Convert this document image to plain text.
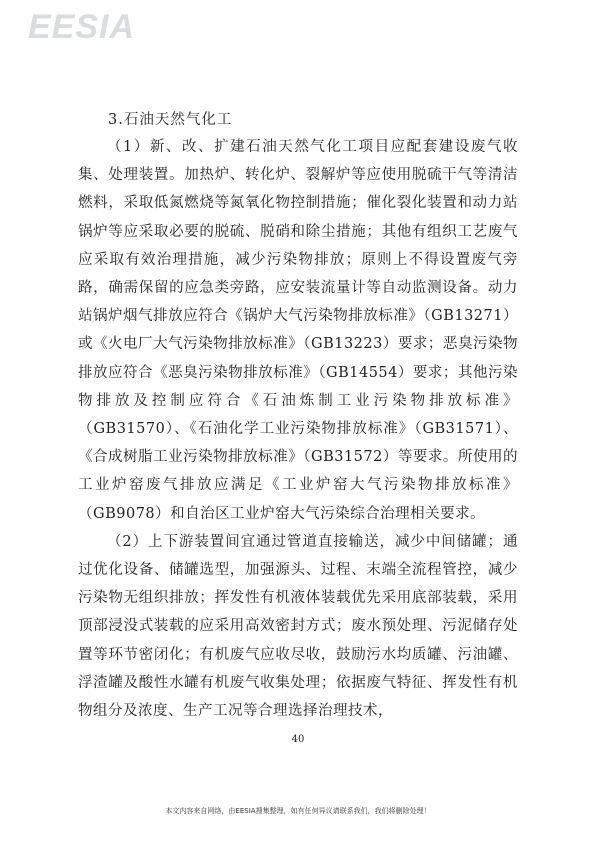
EESIA
3.石油天然气化工

（1）新、改、扩建石油天然气化工项目应配套建设废气收集、处理装置。加热炉、转化炉、裂解炉等应使用脱硫干气等清洁燃料，采取低氮燃烧等氮氧化物控制措施；催化裂化装置和动力站锅炉等应采取必要的脱硫、脱硝和除尘措施；其他有组织工艺废气应采取有效治理措施，减少污染物排放；原则上不得设置废气旁路，确需保留的应急类旁路，应安装流量计等自动监测设备。动力站锅炉烟气排放应符合《锅炉大气污染物排放标准》（GB13271）或《火电厂大气污染物排放标准》（GB13223）要求；恶臭污染物排放应符合《恶臭污染物排放标准》（GB14554）要求；其他污染物排放及控制应符合《石油炼制工业污染物排放标准》（GB31570）、《石油化学工业污染物排放标准》（GB31571）、《合成树脂工业污染物排放标准》（GB31572）等要求。所使用的工业炉窑废气排放应满足《工业炉窑大气污染物排放标准》（GB9078）和自治区工业炉窑大气污染综合治理相关要求。

（2）上下游装置间宜通过管道直接输送，减少中间储罐；通过优化设备、储罐选型，加强源头、过程、末端全流程管控，减少污染物无组织排放；挥发性有机液体装载优先采用底部装载，采用顶部浸没式装载的应采用高效密封方式；废水预处理、污泥储存处置等环节密闭化；有机废气应收尽收，鼓励污水均质罐、污油罐、浮渣罐及酸性水罐有机废气收集处理；依据废气特征、挥发性有机物组分及浓度、生产工况等合理选择治理技术，

40
本文内容来自网络，由EESIA搜集整理，如有任何异议请联系我们，我们将删除处理！
